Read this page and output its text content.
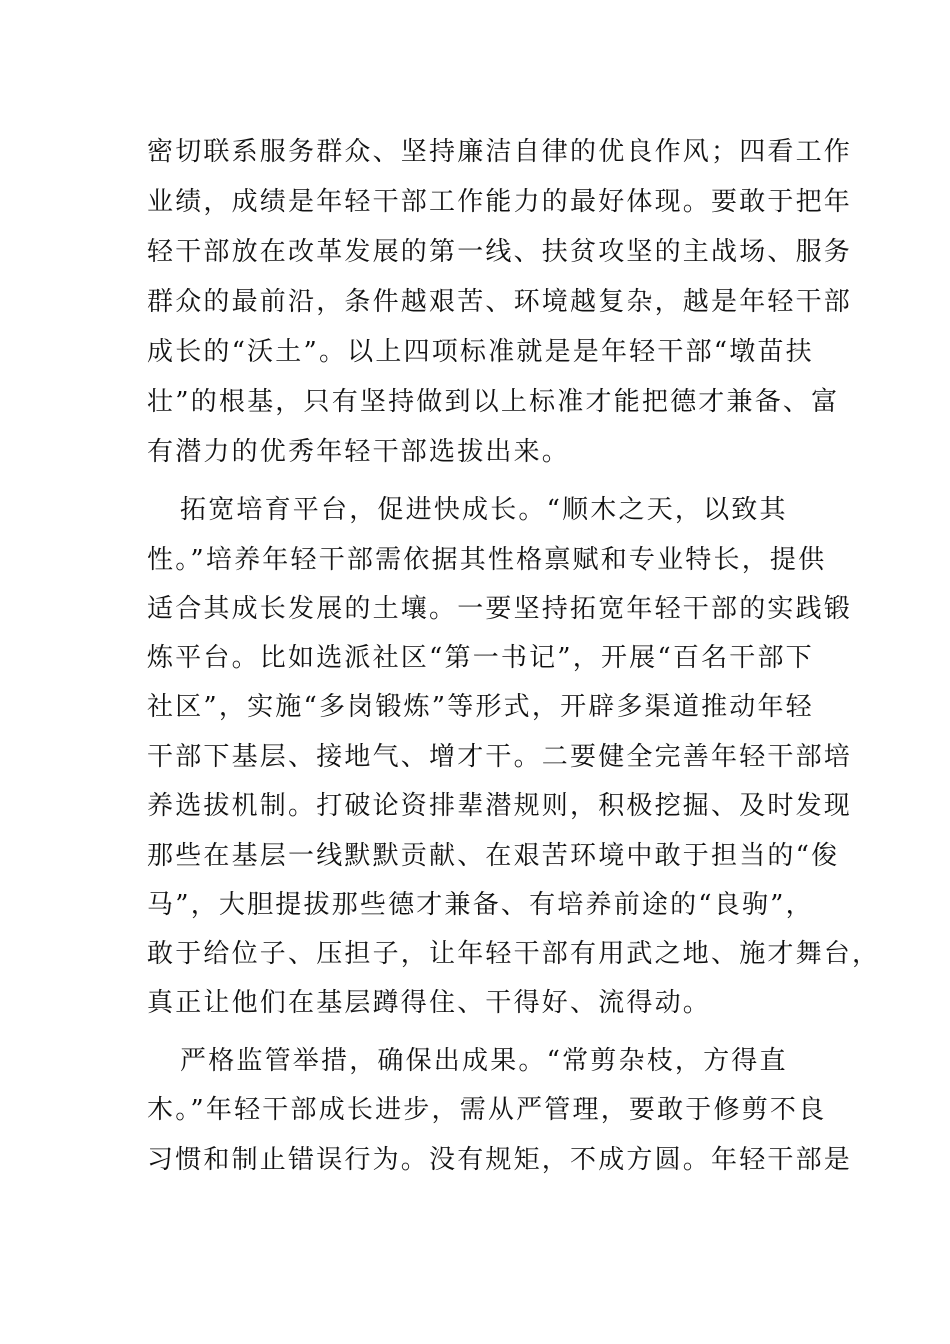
密切联系服务群众、坚持廉洁自律的优良作风；四看工作
业绩，成绩是年轻干部工作能力的最好体现。要敢于把年
轻干部放在改革发展的第一线、扶贫攻坚的主战场、服务
群众的最前沿，条件越艰苦、环境越复杂，越是年轻干部
成长的“沃土”。以上四项标准就是是年轻干部“墩苗扶
壮”的根基，只有坚持做到以上标准才能把德才兼备、富
有潜力的优秀年轻干部选拔出来。
拓宽培育平台，促进快成长。“顺木之天，以致其
性。”培养年轻干部需依据其性格禀赋和专业特长，提供
适合其成长发展的土壤。一要坚持拓宽年轻干部的实践锻
炼平台。比如选派社区“第一书记”，开展“百名干部下
社区”，实施“多岗锻炼”等形式，开辟多渠道推动年轻
干部下基层、接地气、增才干。二要健全完善年轻干部培
养选拔机制。打破论资排辈潜规则，积极挖掘、及时发现
那些在基层一线默默贡献、在艰苦环境中敢于担当的“俊
马”，大胆提拔那些德才兼备、有培养前途的“良驹”，
敢于给位子、压担子，让年轻干部有用武之地、施才舞台，
真正让他们在基层蹲得住、干得好、流得动。
严格监管举措，确保出成果。“常剪杂枝，方得直
木。”年轻干部成长进步，需从严管理，要敢于修剪不良
习惯和制止错误行为。没有规矩，不成方圆。年轻干部是
